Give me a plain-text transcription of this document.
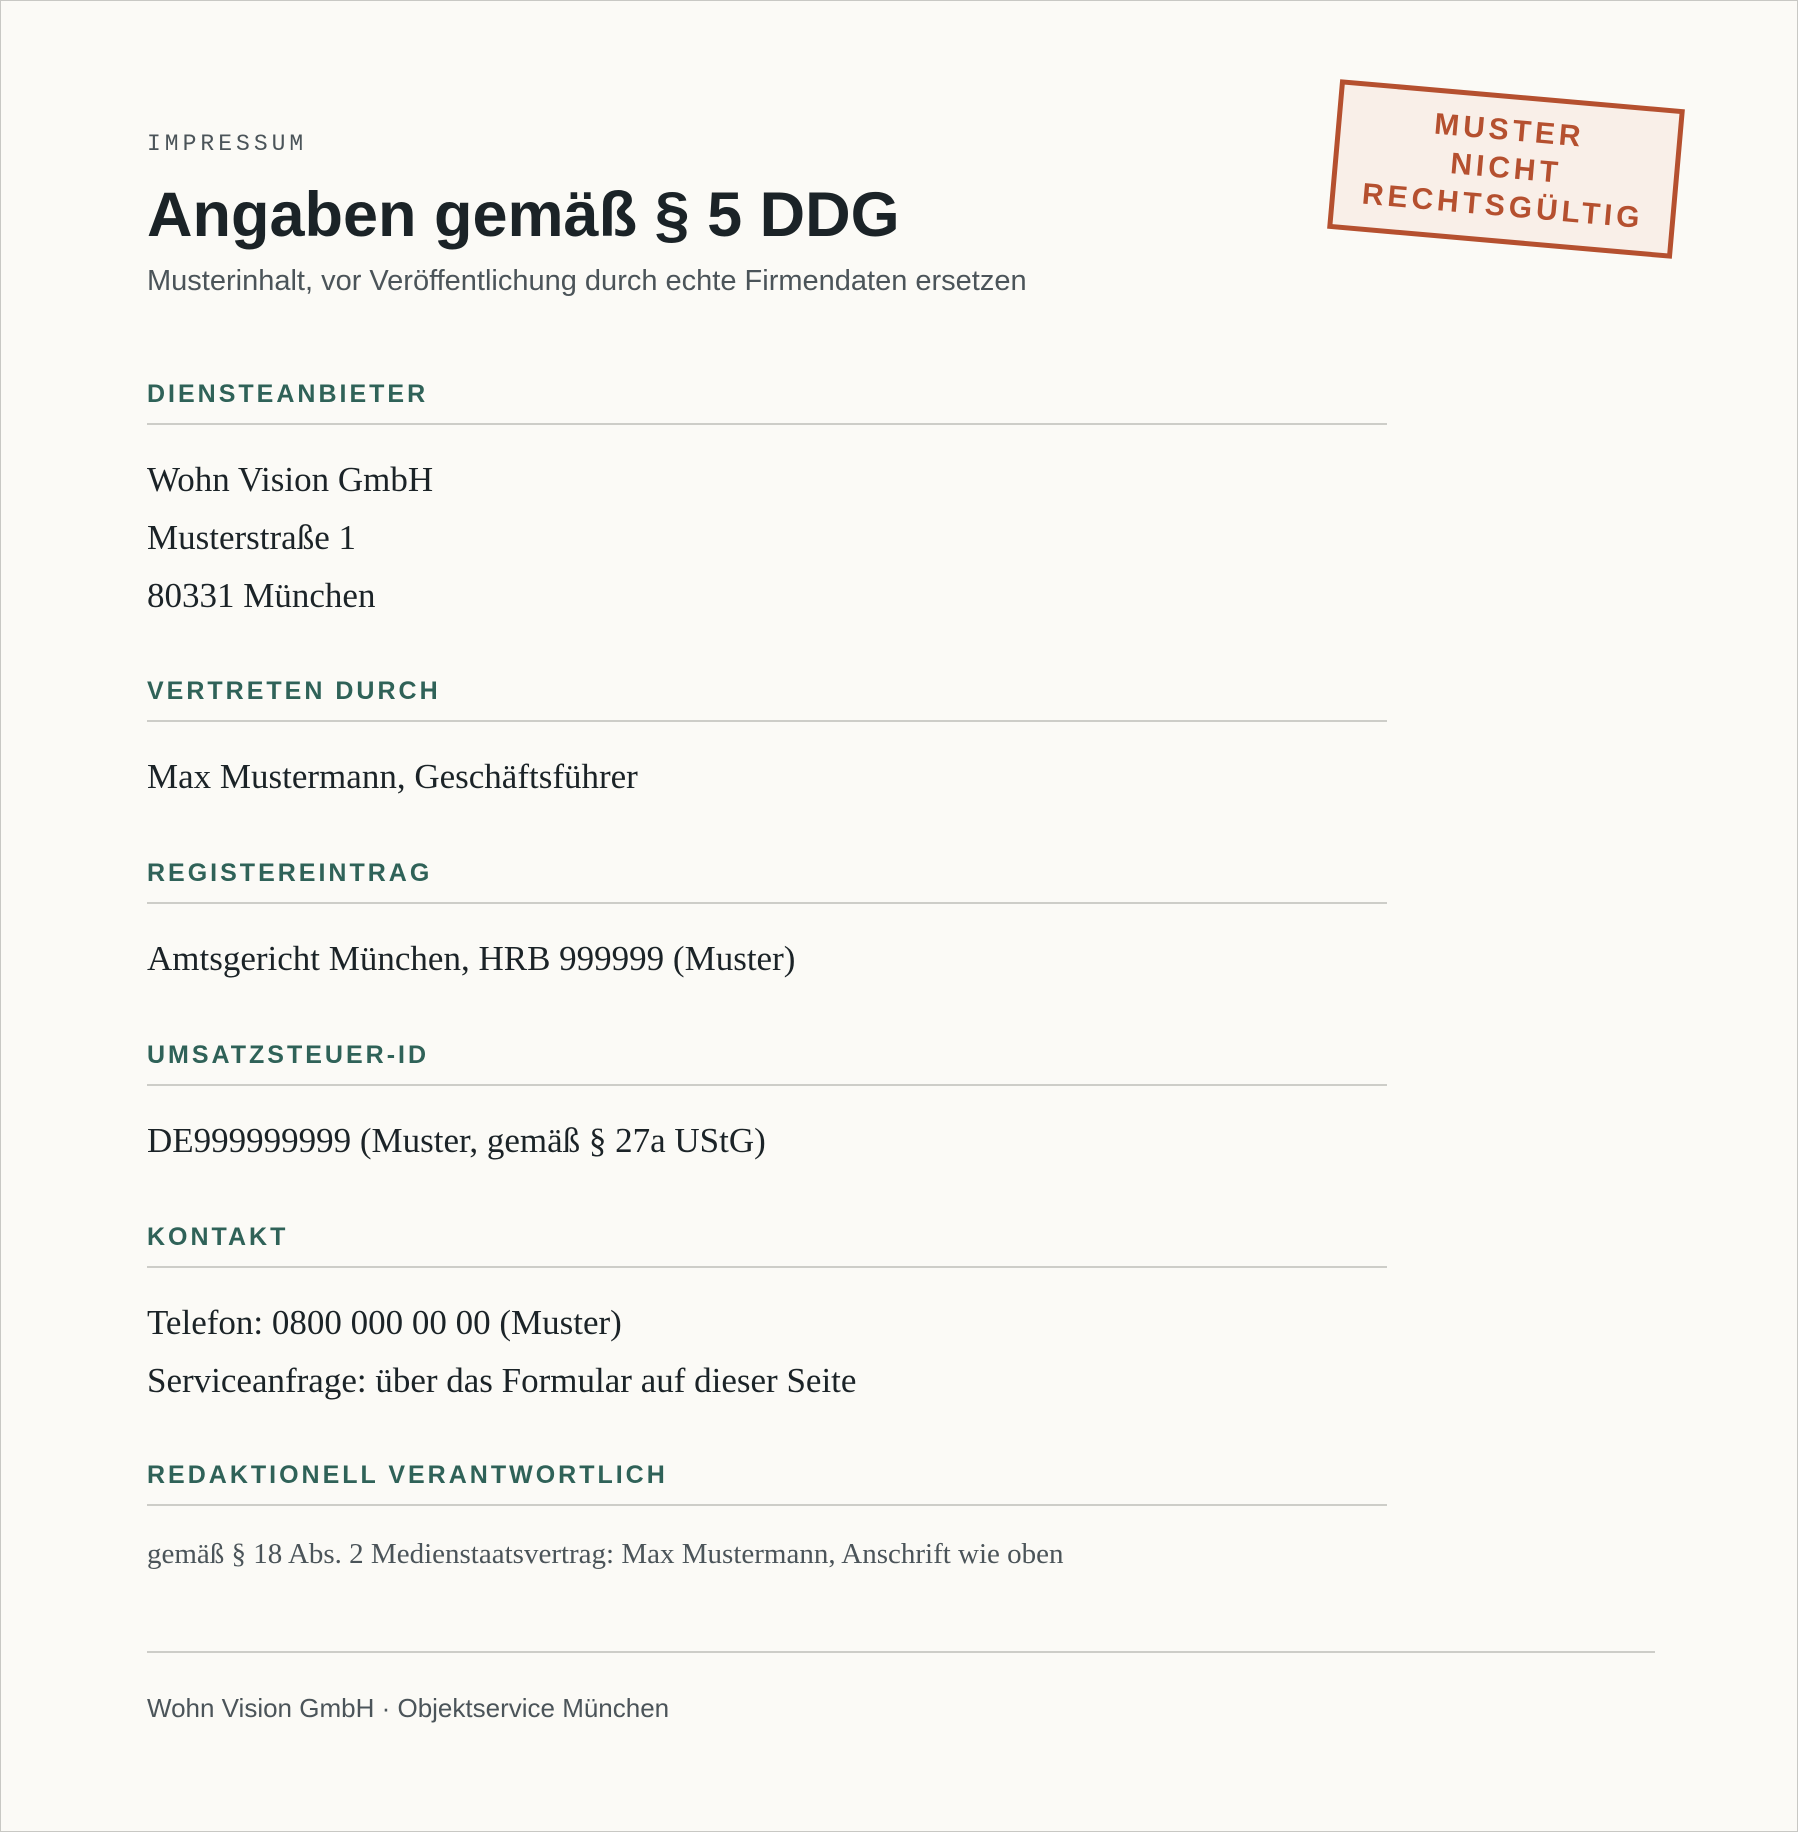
IMPRESSUM
Angaben gemäß § 5 DDG
Musterinhalt, vor Veröffentlichung durch echte Firmendaten ersetzen
DIENSTEANBIETER
Wohn Vision GmbH
Musterstraße 1
80331 München
VERTRETEN DURCH
Max Mustermann, Geschäftsführer
REGISTEREINTRAG
Amtsgericht München, HRB 999999 (Muster)
UMSATZSTEUER-ID
DE999999999 (Muster, gemäß § 27a UStG)
KONTAKT
Telefon: 0800 000 00 00 (Muster)
Serviceanfrage: über das Formular auf dieser Seite
REDAKTIONELL VERANTWORTLICH
gemäß § 18 Abs. 2 Medienstaatsvertrag: Max Mustermann, Anschrift wie oben
MUSTER
NICHT
RECHTSGÜLTIG
Wohn Vision GmbH · Objektservice München
